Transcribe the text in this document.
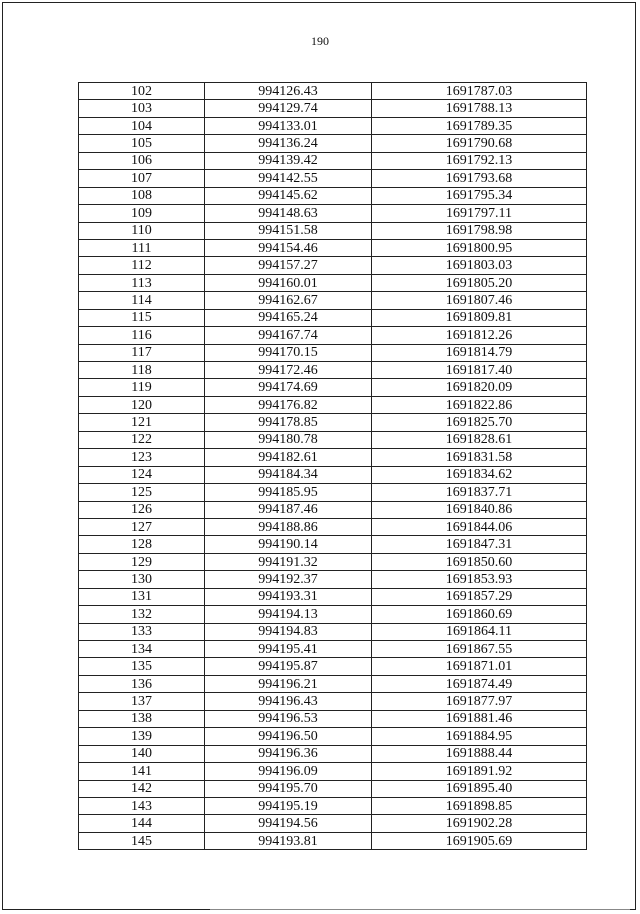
190
102	994126.43	1691787.03
103	994129.74	1691788.13
104	994133.01	1691789.35
105	994136.24	1691790.68
106	994139.42	1691792.13
107	994142.55	1691793.68
108	994145.62	1691795.34
109	994148.63	1691797.11
110	994151.58	1691798.98
111	994154.46	1691800.95
112	994157.27	1691803.03
113	994160.01	1691805.20
114	994162.67	1691807.46
115	994165.24	1691809.81
116	994167.74	1691812.26
117	994170.15	1691814.79
118	994172.46	1691817.40
119	994174.69	1691820.09
120	994176.82	1691822.86
121	994178.85	1691825.70
122	994180.78	1691828.61
123	994182.61	1691831.58
124	994184.34	1691834.62
125	994185.95	1691837.71
126	994187.46	1691840.86
127	994188.86	1691844.06
128	994190.14	1691847.31
129	994191.32	1691850.60
130	994192.37	1691853.93
131	994193.31	1691857.29
132	994194.13	1691860.69
133	994194.83	1691864.11
134	994195.41	1691867.55
135	994195.87	1691871.01
136	994196.21	1691874.49
137	994196.43	1691877.97
138	994196.53	1691881.46
139	994196.50	1691884.95
140	994196.36	1691888.44
141	994196.09	1691891.92
142	994195.70	1691895.40
143	994195.19	1691898.85
144	994194.56	1691902.28
145	994193.81	1691905.69
